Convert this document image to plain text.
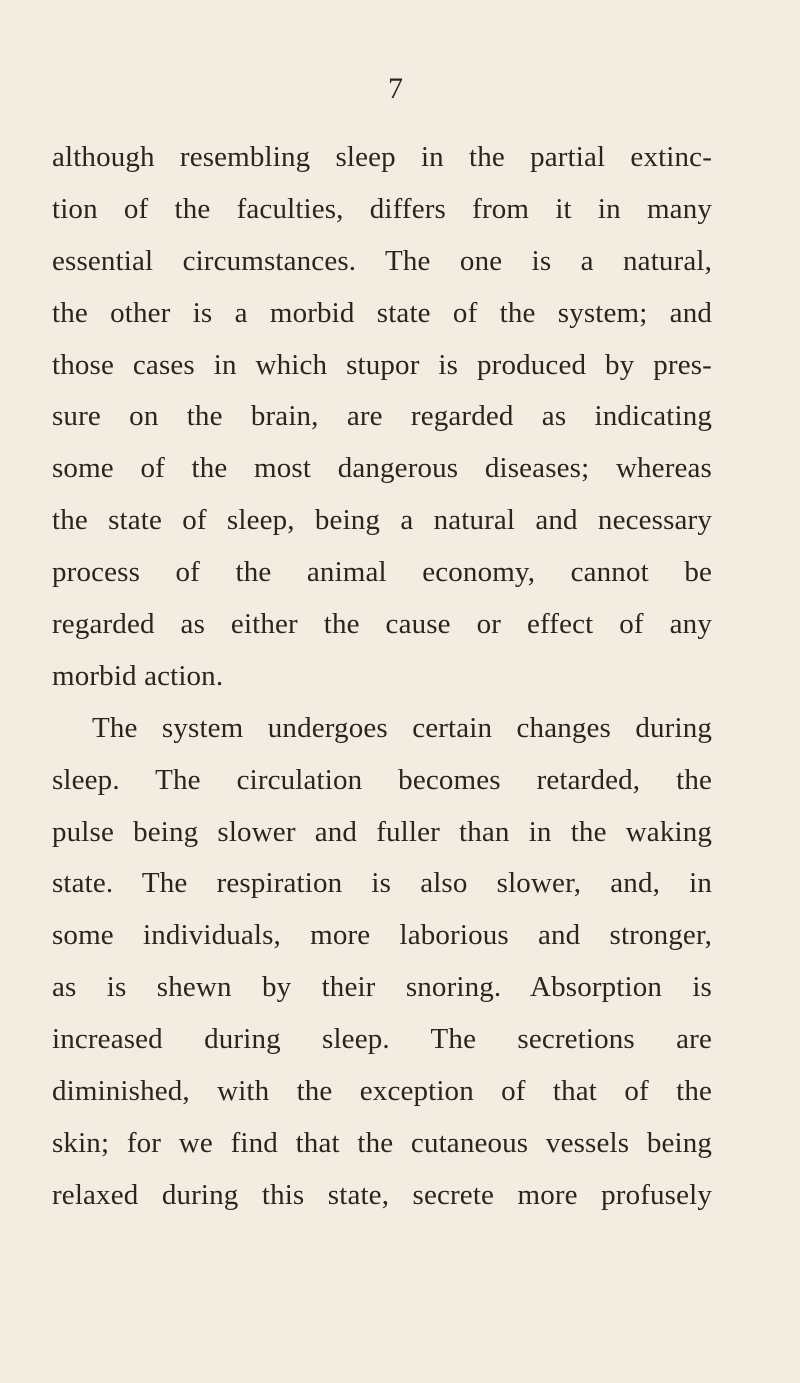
7
although resembling sleep in the partial extinc-
tion of the faculties, differs from it in many
essential circumstances. The one is a natural,
the other is a morbid state of the system; and
those cases in which stupor is produced by pres-
sure on the brain, are regarded as indicating
some of the most dangerous diseases; whereas
the state of sleep, being a natural and necessary
process of the animal economy, cannot be
regarded as either the cause or effect of any
morbid action.
The system undergoes certain changes during
sleep. The circulation becomes retarded, the
pulse being slower and fuller than in the waking
state. The respiration is also slower, and, in
some individuals, more laborious and stronger,
as is shewn by their snoring. Absorption is
increased during sleep. The secretions are
diminished, with the exception of that of the
skin; for we find that the cutaneous vessels being
relaxed during this state, secrete more profusely
